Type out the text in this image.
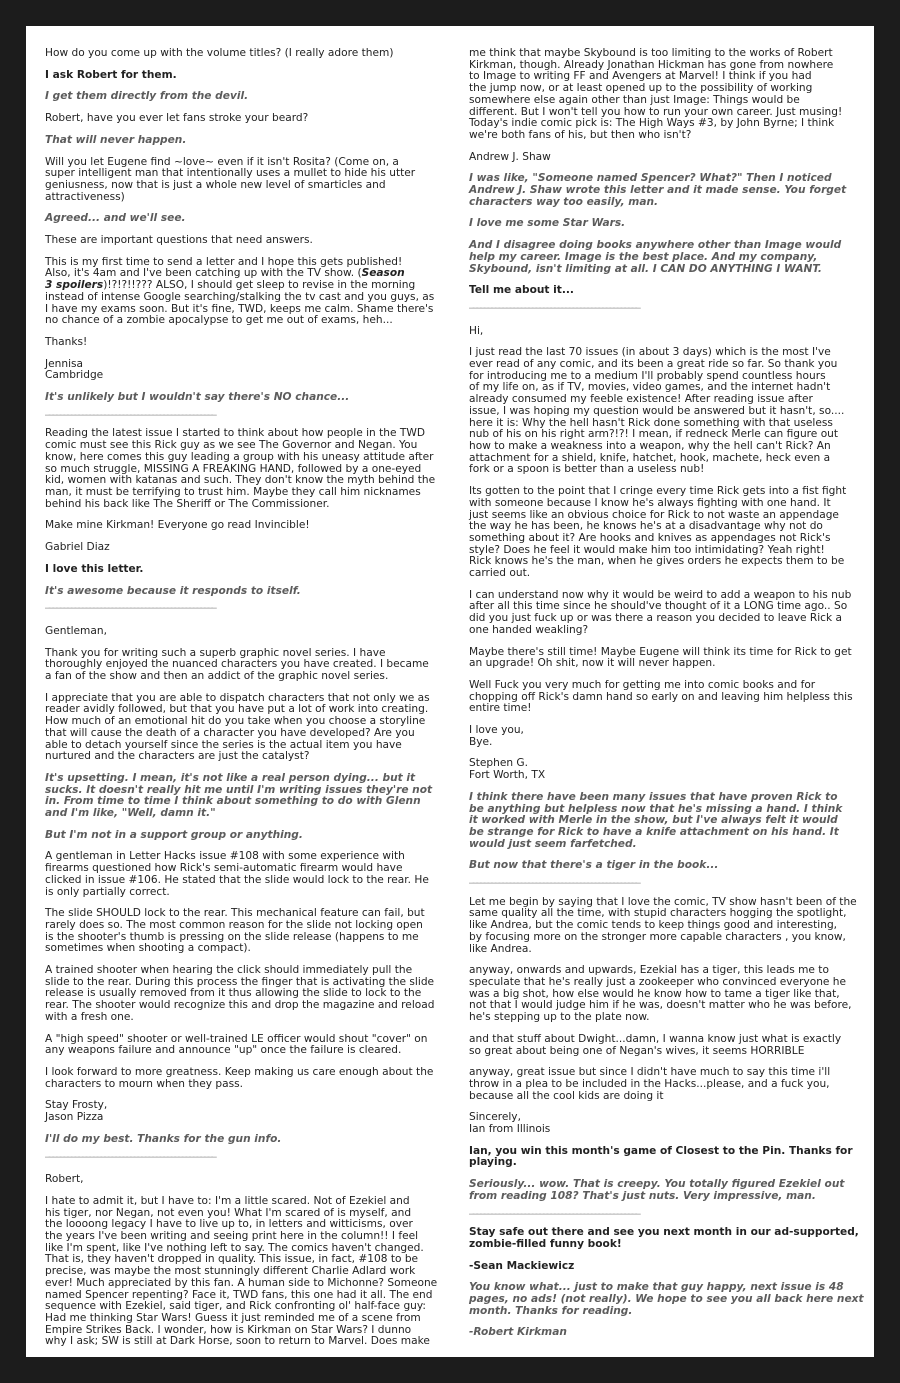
How do you come up with the volume titles? (I really adore them)

I ask Robert for them.

I get them directly from the devil.

Robert, have you ever let fans stroke your beard?

That will never happen.

Will you let Eugene find ~love~ even if it isn't Rosita? (Come on, a
super intelligent man that intentionally uses a mullet to hide his utter
geniusness, now that is just a whole new level of smarticles and
attractiveness)

Agreed... and we'll see.

These are important questions that need answers.

This is my first time to send a letter and I hope this gets published!
Also, it's 4am and I've been catching up with the TV show. (Season
3 spoilers)!?!?!!??? ALSO, I should get sleep to revise in the morning
instead of intense Google searching/stalking the tv cast and you guys, as
I have my exams soon. But it's fine, TWD, keeps me calm. Shame there's
no chance of a zombie apocalypse to get me out of exams, heh...

Thanks!

Jennisa
Cambridge

It's unlikely but I wouldn't say there's NO chance...

______________________________________________

Reading the latest issue I started to think about how people in the TWD
comic must see this Rick guy as we see The Governor and Negan. You
know, here comes this guy leading a group with his uneasy attitude after
so much struggle, MISSING A FREAKING HAND, followed by a one-eyed
kid, women with katanas and such. They don't know the myth behind the
man, it must be terrifying to trust him. Maybe they call him nicknames
behind his back like The Sheriff or The Commissioner.

Make mine Kirkman! Everyone go read Invincible!

Gabriel Diaz

I love this letter.

It's awesome because it responds to itself.

______________________________________________

Gentleman,

Thank you for writing such a superb graphic novel series. I have
thoroughly enjoyed the nuanced characters you have created. I became
a fan of the show and then an addict of the graphic novel series.

I appreciate that you are able to dispatch characters that not only we as
reader avidly followed, but that you have put a lot of work into creating.
How much of an emotional hit do you take when you choose a storyline
that will cause the death of a character you have developed? Are you
able to detach yourself since the series is the actual item you have
nurtured and the characters are just the catalyst?

It's upsetting. I mean, it's not like a real person dying... but it
sucks. It doesn't really hit me until I'm writing issues they're not
in. From time to time I think about something to do with Glenn
and I'm like, "Well, damn it."

But I'm not in a support group or anything.

A gentleman in Letter Hacks issue #108 with some experience with
firearms questioned how Rick's semi-automatic firearm would have
clicked in issue #106. He stated that the slide would lock to the rear. He
is only partially correct.

The slide SHOULD lock to the rear. This mechanical feature can fail, but
rarely does so. The most common reason for the slide not locking open
is the shooter's thumb is pressing on the slide release (happens to me
sometimes when shooting a compact).

A trained shooter when hearing the click should immediately pull the
slide to the rear. During this process the finger that is activating the slide
release is usually removed from it thus allowing the slide to lock to the
rear. The shooter would recognize this and drop the magazine and reload
with a fresh one.

A "high speed" shooter or well-trained LE officer would shout "cover" on
any weapons failure and announce "up" once the failure is cleared.

I look forward to more greatness. Keep making us care enough about the
characters to mourn when they pass.

Stay Frosty,
Jason Pizza

I'll do my best. Thanks for the gun info.

______________________________________________

Robert,

I hate to admit it, but I have to: I'm a little scared. Not of Ezekiel and
his tiger, nor Negan, not even you! What I'm scared of is myself, and
the loooong legacy I have to live up to, in letters and witticisms, over
the years I've been writing and seeing print here in the column!! I feel
like I'm spent, like I've nothing left to say. The comics haven't changed.
That is, they haven't dropped in quality. This issue, in fact, #108 to be
precise, was maybe the most stunningly different Charlie Adlard work
ever! Much appreciated by this fan. A human side to Michonne? Someone
named Spencer repenting? Face it, TWD fans, this one had it all. The end
sequence with Ezekiel, said tiger, and Rick confronting ol' half-face guy:
Had me thinking Star Wars! Guess it just reminded me of a scene from
Empire Strikes Back. I wonder, how is Kirkman on Star Wars? I dunno
why I ask; SW is still at Dark Horse, soon to return to Marvel. Does make

me think that maybe Skybound is too limiting to the works of Robert
Kirkman, though. Already Jonathan Hickman has gone from nowhere
to Image to writing FF and Avengers at Marvel! I think if you had
the jump now, or at least opened up to the possibility of working
somewhere else again other than just Image: Things would be
different. But I won't tell you how to run your own career. Just musing!
Today's indie comic pick is: The High Ways #3, by John Byrne; I think
we're both fans of his, but then who isn't?

Andrew J. Shaw

I was like, "Someone named Spencer? What?" Then I noticed
Andrew J. Shaw wrote this letter and it made sense. You forget
characters way too easily, man.

I love me some Star Wars.

And I disagree doing books anywhere other than Image would
help my career. Image is the best place. And my company,
Skybound, isn't limiting at all. I CAN DO ANYTHING I WANT.

Tell me about it...

______________________________________________

Hi,

I just read the last 70 issues (in about 3 days) which is the most I've
ever read of any comic, and its been a great ride so far. So thank you
for introducing me to a medium I'll probably spend countless hours
of my life on, as if TV, movies, video games, and the internet hadn't
already consumed my feeble existence! After reading issue after
issue, I was hoping my question would be answered but it hasn't, so....
here it is: Why the hell hasn't Rick done something with that useless
nub of his on his right arm?!?! I mean, if redneck Merle can figure out
how to make a weakness into a weapon, why the hell can't Rick? An
attachment for a shield, knife, hatchet, hook, machete, heck even a
fork or a spoon is better than a useless nub!

Its gotten to the point that I cringe every time Rick gets into a fist fight
with someone because I know he's always fighting with one hand. It
just seems like an obvious choice for Rick to not waste an appendage
the way he has been, he knows he's at a disadvantage why not do
something about it? Are hooks and knives as appendages not Rick's
style? Does he feel it would make him too intimidating? Yeah right!
Rick knows he's the man, when he gives orders he expects them to be
carried out.

I can understand now why it would be weird to add a weapon to his nub
after all this time since he should've thought of it a LONG time ago.. So
did you just fuck up or was there a reason you decided to leave Rick a
one handed weakling?

Maybe there's still time! Maybe Eugene will think its time for Rick to get
an upgrade! Oh shit, now it will never happen.

Well Fuck you very much for getting me into comic books and for
chopping off Rick's damn hand so early on and leaving him helpless this
entire time!

I love you,
Bye.

Stephen G.
Fort Worth, TX

I think there have been many issues that have proven Rick to
be anything but helpless now that he's missing a hand. I think
it worked with Merle in the show, but I've always felt it would
be strange for Rick to have a knife attachment on his hand. It
would just seem farfetched.

But now that there's a tiger in the book...

______________________________________________

Let me begin by saying that I love the comic, TV show hasn't been of the
same quality all the time, with stupid characters hogging the spotlight,
like Andrea, but the comic tends to keep things good and interesting,
by focusing more on the stronger more capable characters , you know,
like Andrea.

anyway, onwards and upwards, Ezekial has a tiger, this leads me to
speculate that he's really just a zookeeper who convinced everyone he
was a big shot, how else would he know how to tame a tiger like that,
not that I would judge him if he was, doesn't matter who he was before,
he's stepping up to the plate now.

and that stuff about Dwight...damn, I wanna know just what is exactly
so great about being one of Negan's wives, it seems HORRIBLE

anyway, great issue but since I didn't have much to say this time i'll
throw in a plea to be included in the Hacks...please, and a fuck you,
because all the cool kids are doing it

Sincerely,
Ian from Illinois

Ian, you win this month's game of Closest to the Pin. Thanks for
playing.

Seriously... wow. That is creepy. You totally figured Ezekiel out
from reading 108? That's just nuts. Very impressive, man.

______________________________________________

Stay safe out there and see you next month in our ad-supported,
zombie-filled funny book!

-Sean Mackiewicz

You know what... just to make that guy happy, next issue is 48
pages, no ads! (not really). We hope to see you all back here next
month. Thanks for reading.

-Robert Kirkman
